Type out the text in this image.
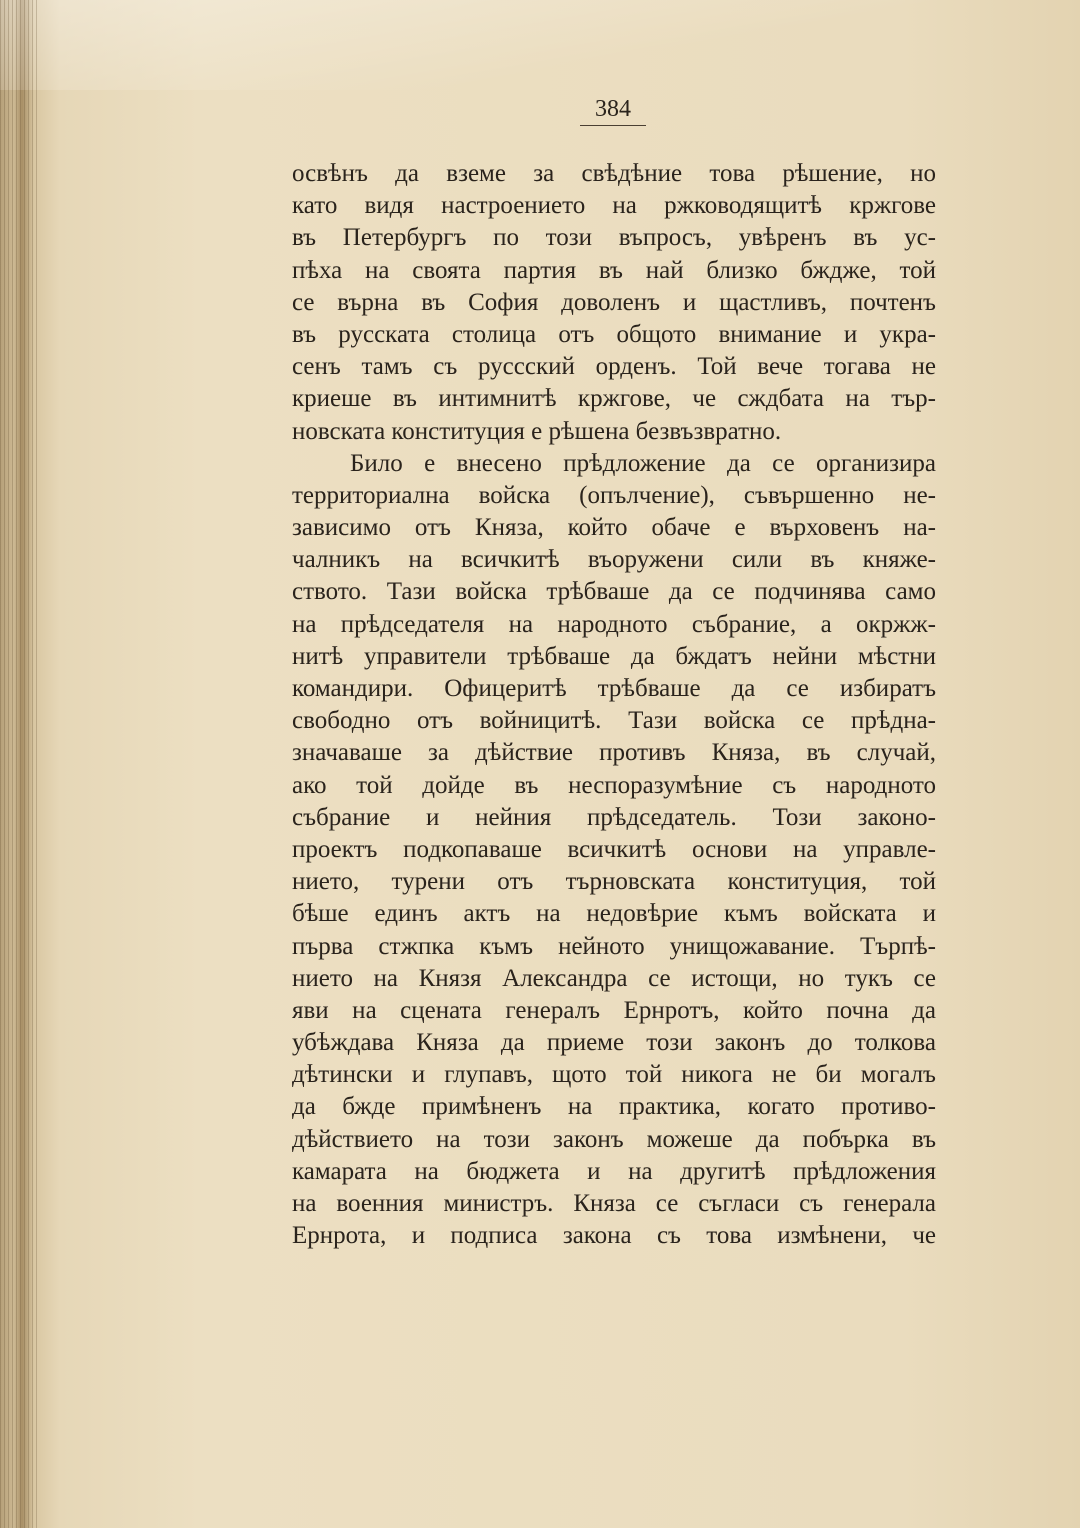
384
освѣнъ да вземе за свѣдѣние това рѣшение, но
като видя настроението на ржководящитѣ кржгове
въ Петербургъ по този въпросъ, увѣренъ въ ус-
пѣха на своята партия въ най близко бждже, той
се върна въ София доволенъ и щастливъ, почтенъ
въ русската столица отъ общото внимание и укра-
сенъ тамъ съ руссский орденъ. Той вече тогава не
криеше въ интимнитѣ кржгове, че сждбата на тър-
новската конституция е рѣшена безвъзвратно.
Било е внесено прѣдложение да се организира
территориална войска (опълчение), съвършенно не-
зависимо отъ Князa, който обаче е върховенъ на-
чалникъ на всичкитѣ въоружени сили въ княже-
ството. Тази войска трѣбваше да се подчинява само
на прѣдседателя на народното събрание, а окржж-
нитѣ управители трѣбваше да бждатъ нейни мѣстни
командири. Офицеритѣ трѣбваше да се избиратъ
свободно отъ войницитѣ. Тази войска се прѣдна-
значаваше за дѣйствие противъ Князa, въ случай,
ако той дойде въ неспоразумѣние съ народното
събрание и нейния прѣдседатель. Този законо-
проектъ подкопаваше всичкитѣ основи на управле-
нието, турени отъ търновската конституция, той
бѣше единъ актъ на недовѣрие къмъ войската и
първа стжпка къмъ нейното унищожавание. Търпѣ-
нието на Князя Александра се истощи, но тукъ се
яви на сцената генералъ Ернротъ, който почна да
убѣждава Князa да приеме този законъ до толкова
дѣтински и глупавъ, щото той никога не би могалъ
да бжде примѣненъ на практика, когато противо-
дѣйствието на този законъ можеше да побърка въ
камарата на бюджета и на другитѣ прѣдложения
на военния министръ. Князa се съгласи съ генерала
Ернрота, и подписа закона съ това измѣнени, че
